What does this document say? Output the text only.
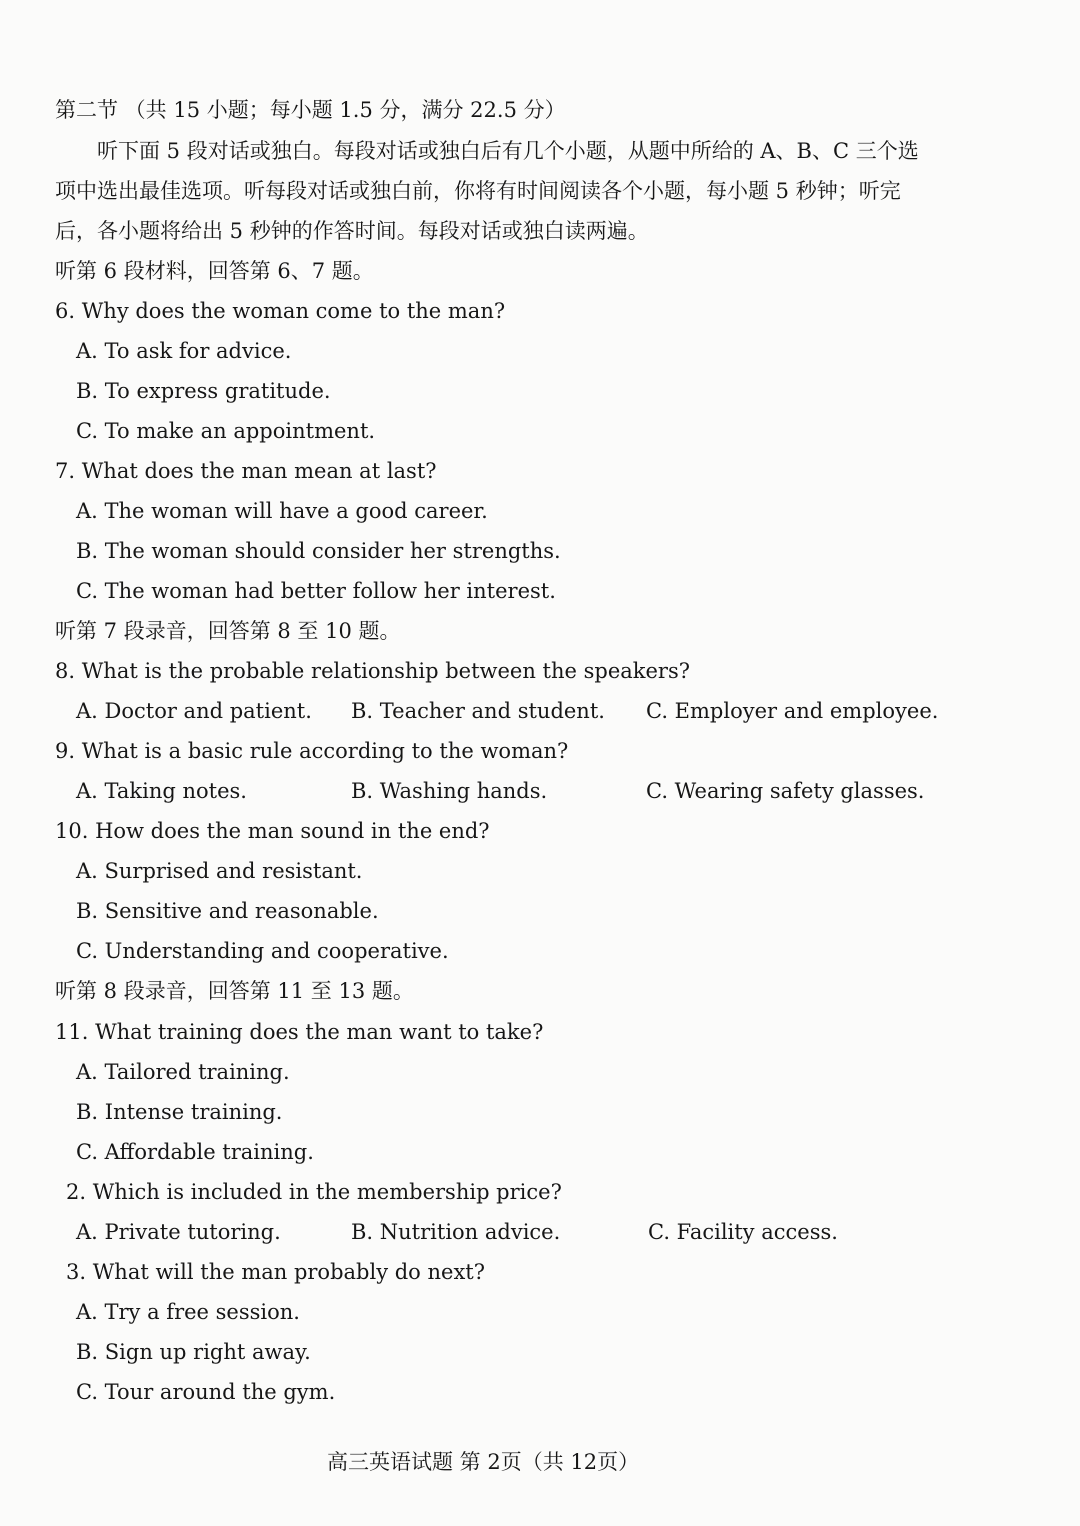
第二节 （共 15 小题；每小题 1.5 分，满分 22.5 分）
听下面 5 段对话或独白。每段对话或独白后有几个小题，从题中所给的 A、B、C 三个选
项中选出最佳选项。听每段对话或独白前，你将有时间阅读各个小题，每小题 5 秒钟；听完
后，各小题将给出 5 秒钟的作答时间。每段对话或独白读两遍。
听第 6 段材料，回答第 6、7 题。
6. Why does the woman come to the man?
A. To ask for advice.
B. To express gratitude.
C. To make an appointment.
7. What does the man mean at last?
A. The woman will have a good career.
B. The woman should consider her strengths.
C. The woman had better follow her interest.
听第 7 段录音，回答第 8 至 10 题。
8. What is the probable relationship between the speakers?
A. Doctor and patient. B. Teacher and student. C. Employer and employee.
9. What is a basic rule according to the woman?
A. Taking notes.	B. Washing hands.	C. Wearing safety glasses.
10. How does the man sound in the end?
A. Surprised and resistant.
B. Sensitive and reasonable.
C. Understanding and cooperative.
听第 8 段录音，回答第 11 至 13 题。
11. What training does the man want to take?
A. Tailored training.
B. Intense training.
C. Affordable training.
2. Which is included in the membership price?
A. Private tutoring.	B. Nutrition advice.	C. Facility access.
3. What will the man probably do next?
A. Try a free session.
B. Sign up right away.
C. Tour around the gym.
高三英语试题 第 2页（共 12页）
